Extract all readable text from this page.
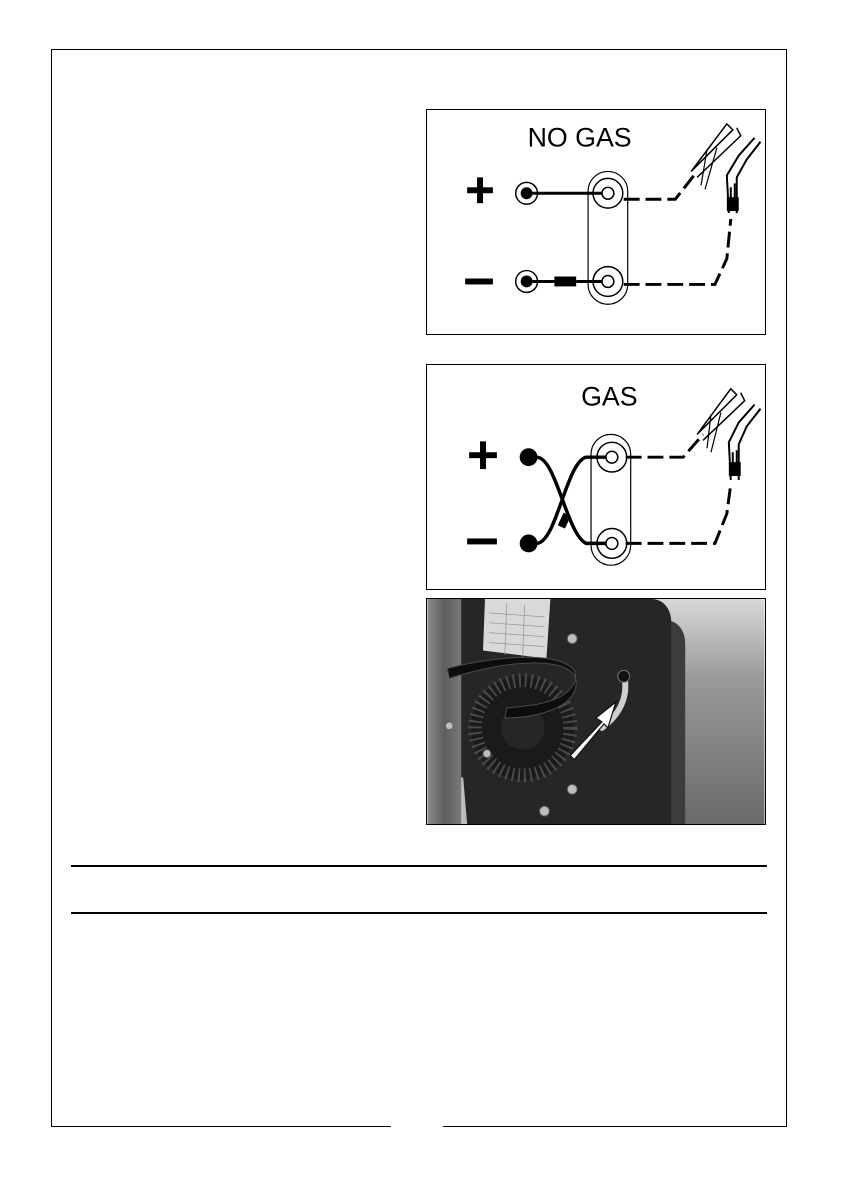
NO GAS
GAS
